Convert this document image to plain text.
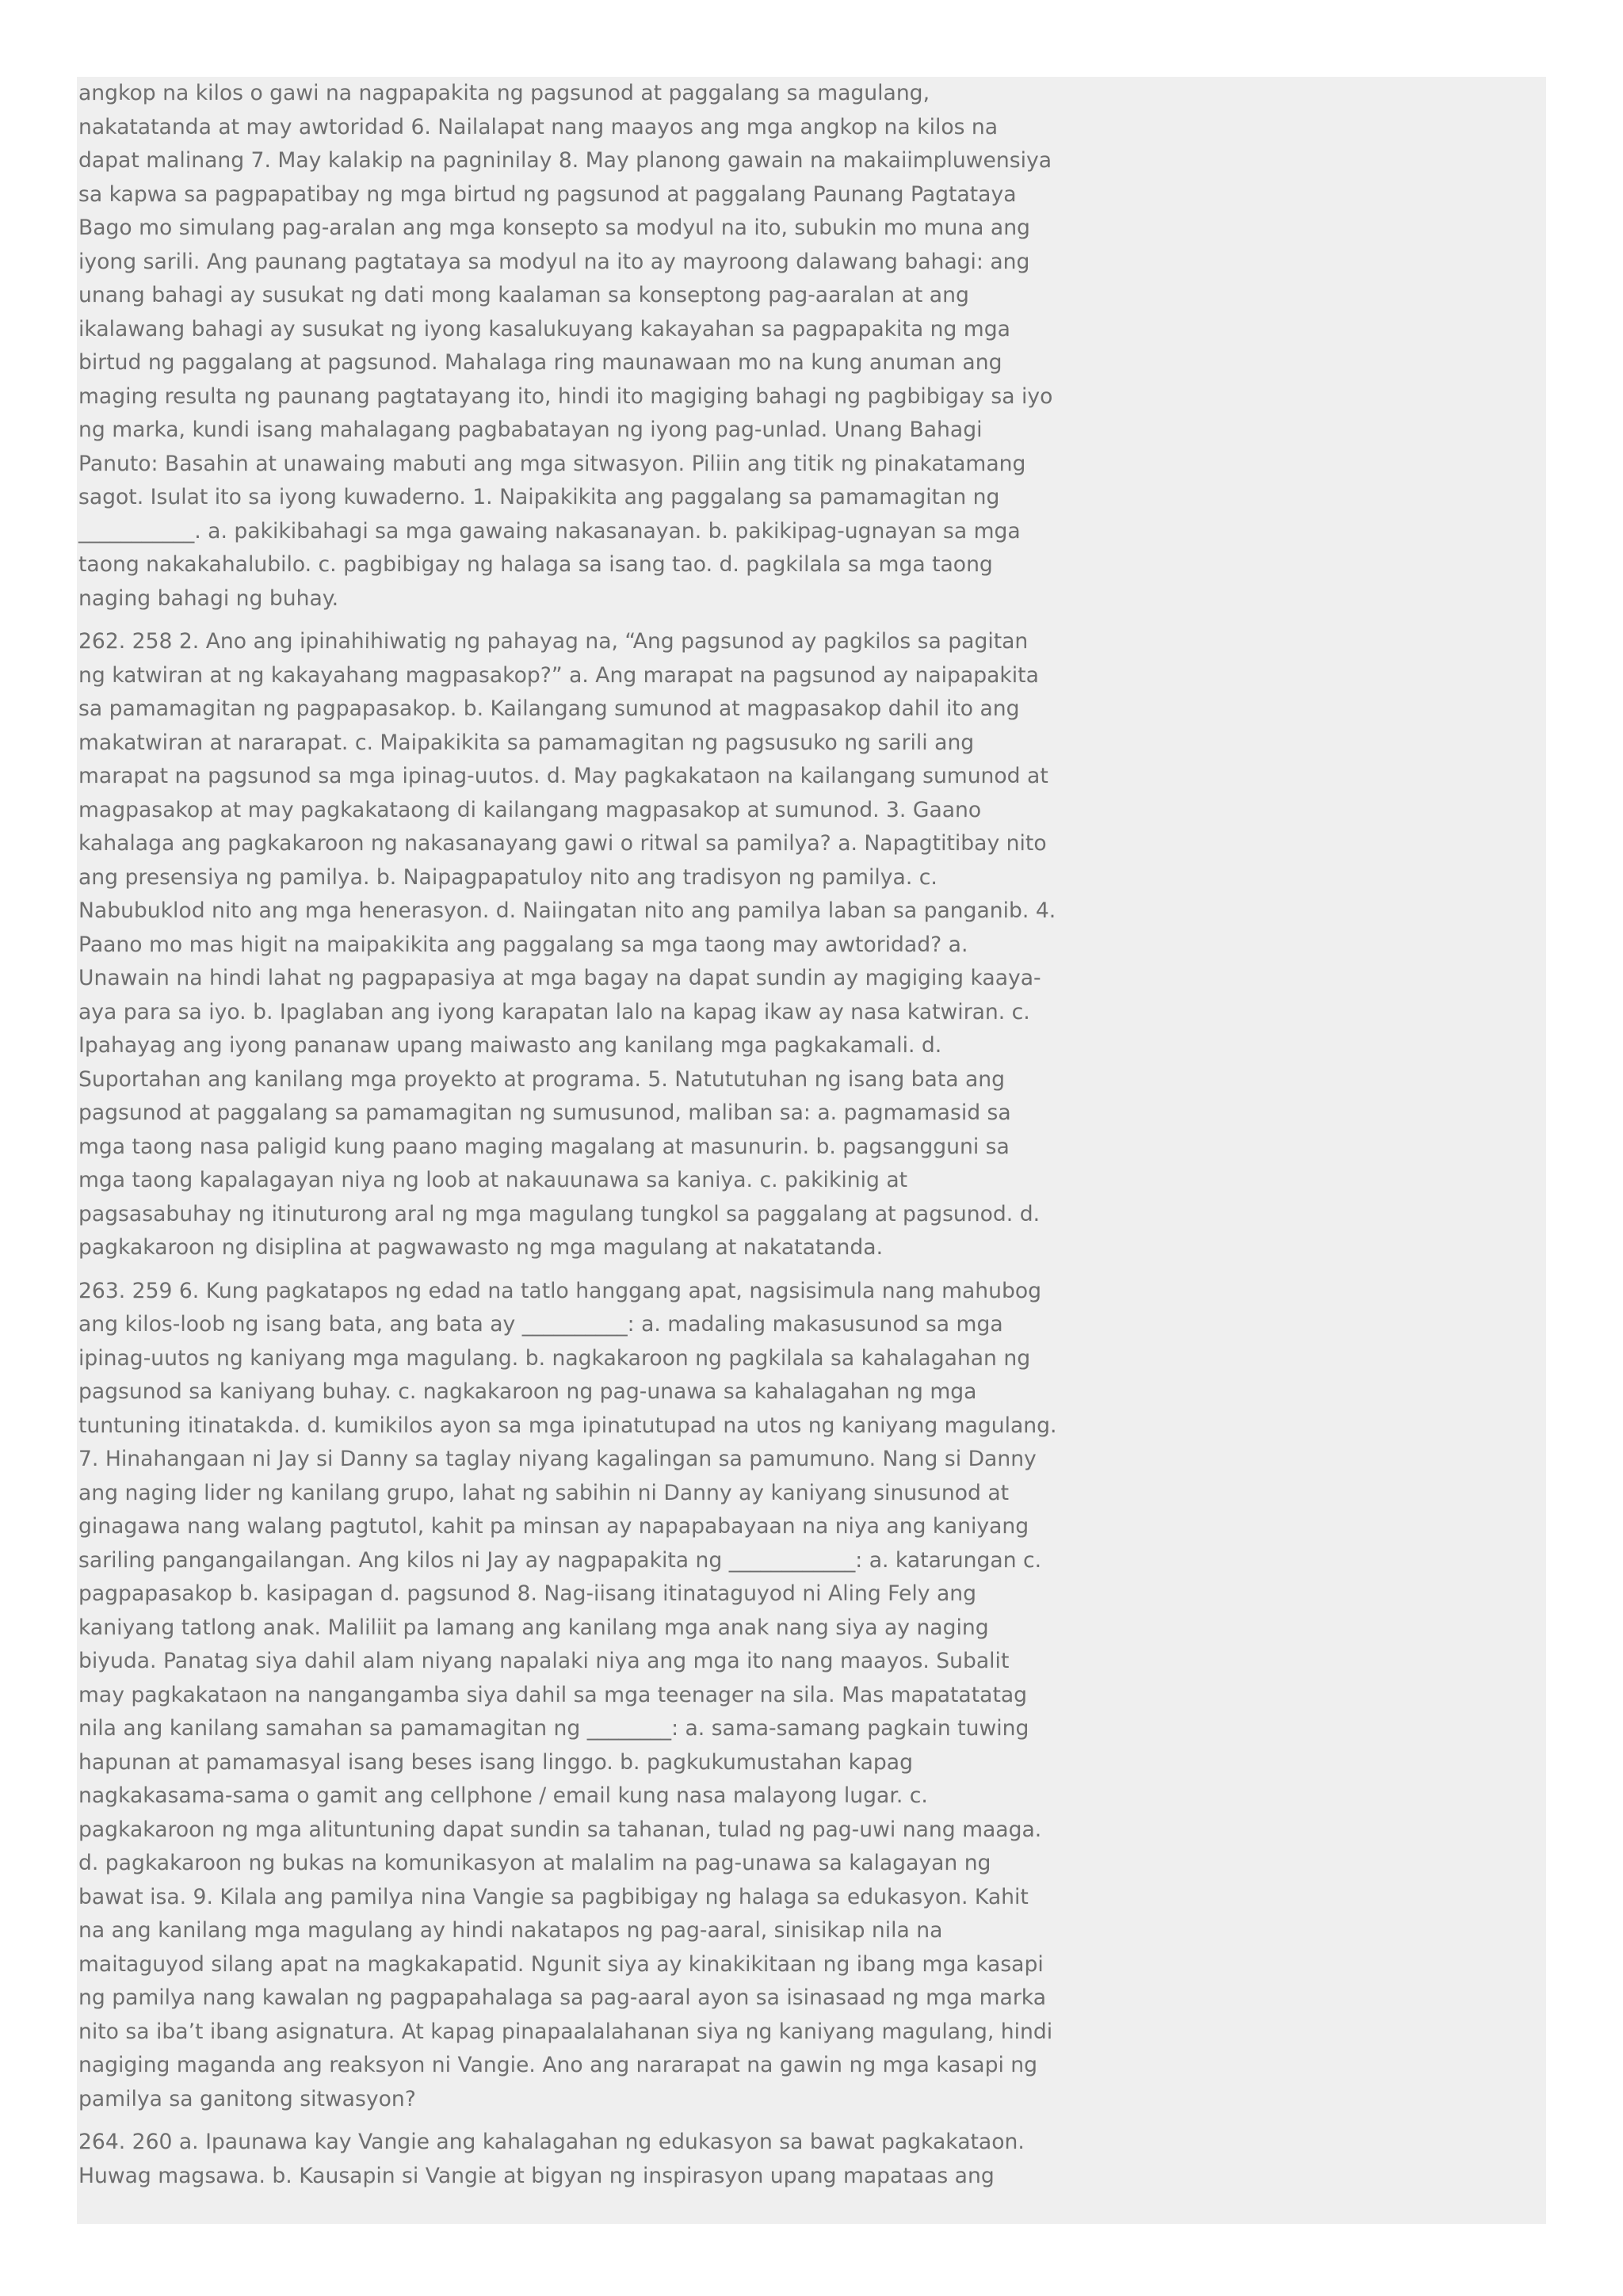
angkop na kilos o gawi na nagpapakita ng pagsunod at paggalang sa magulang, nakatatanda at may awtoridad 6. Nailalapat nang maayos ang mga angkop na kilos na dapat malinang 7. May kalakip na pagninilay 8. May planong gawain na makaiimpluwensiya sa kapwa sa pagpapatibay ng mga birtud ng pagsunod at paggalang Paunang Pagtataya Bago mo simulang pag-aralan ang mga konsepto sa modyul na ito, subukin mo muna ang iyong sarili. Ang paunang pagtataya sa modyul na ito ay mayroong dalawang bahagi: ang unang bahagi ay susukat ng dati mong kaalaman sa konseptong pag-aaralan at ang ikalawang bahagi ay susukat ng iyong kasalukuyang kakayahan sa pagpapakita ng mga birtud ng paggalang at pagsunod. Mahalaga ring maunawaan mo na kung anuman ang maging resulta ng paunang pagtatayang ito, hindi ito magiging bahagi ng pagbibigay sa iyo ng marka, kundi isang mahalagang pagbabatayan ng iyong pag-unlad. Unang Bahagi Panuto: Basahin at unawaing mabuti ang mga sitwasyon. Piliin ang titik ng pinakatamang sagot. Isulat ito sa iyong kuwaderno. 1. Naipakikita ang paggalang sa pamamagitan ng ___________. a. pakikibahagi sa mga gawaing nakasanayan. b. pakikipag-ugnayan sa mga taong nakakahalubilo. c. pagbibigay ng halaga sa isang tao. d. pagkilala sa mga taong naging bahagi ng buhay.

262. 258 2. Ano ang ipinahihiwatig ng pahayag na, “Ang pagsunod ay pagkilos sa pagitan ng katwiran at ng kakayahang magpasakop?” a. Ang marapat na pagsunod ay naipapakita sa pamamagitan ng pagpapasakop. b. Kailangang sumunod at magpasakop dahil ito ang makatwiran at nararapat. c. Maipakikita sa pamamagitan ng pagsusuko ng sarili ang marapat na pagsunod sa mga ipinag-uutos. d. May pagkakataon na kailangang sumunod at magpasakop at may pagkakataong di kailangang magpasakop at sumunod. 3. Gaano kahalaga ang pagkakaroon ng nakasanayang gawi o ritwal sa pamilya? a. Napagtitibay nito ang presensiya ng pamilya. b. Naipagpapatuloy nito ang tradisyon ng pamilya. c. Nabubuklod nito ang mga henerasyon. d. Naiingatan nito ang pamilya laban sa panganib. 4. Paano mo mas higit na maipakikita ang paggalang sa mga taong may awtoridad? a. Unawain na hindi lahat ng pagpapasiya at mga bagay na dapat sundin ay magiging kaaya-aya para sa iyo. b. Ipaglaban ang iyong karapatan lalo na kapag ikaw ay nasa katwiran. c. Ipahayag ang iyong pananaw upang maiwasto ang kanilang mga pagkakamali. d. Suportahan ang kanilang mga proyekto at programa. 5. Natututuhan ng isang bata ang pagsunod at paggalang sa pamamagitan ng sumusunod, maliban sa: a. pagmamasid sa mga taong nasa paligid kung paano maging magalang at masunurin. b. pagsangguni sa mga taong kapalagayan niya ng loob at nakauunawa sa kaniya. c. pakikinig at pagsasabuhay ng itinuturong aral ng mga magulang tungkol sa paggalang at pagsunod. d. pagkakaroon ng disiplina at pagwawasto ng mga magulang at nakatatanda.

263. 259 6. Kung pagkatapos ng edad na tatlo hanggang apat, nagsisimula nang mahubog ang kilos-loob ng isang bata, ang bata ay __________: a. madaling makasusunod sa mga ipinag-uutos ng kaniyang mga magulang. b. nagkakaroon ng pagkilala sa kahalagahan ng pagsunod sa kaniyang buhay. c. nagkakaroon ng pag-unawa sa kahalagahan ng mga tuntuning itinatakda. d. kumikilos ayon sa mga ipinatutupad na utos ng kaniyang magulang. 7. Hinahangaan ni Jay si Danny sa taglay niyang kagalingan sa pamumuno. Nang si Danny ang naging lider ng kanilang grupo, lahat ng sabihin ni Danny ay kaniyang sinusunod at ginagawa nang walang pagtutol, kahit pa minsan ay napapabayaan na niya ang kaniyang sariling pangangailangan. Ang kilos ni Jay ay nagpapakita ng ____________: a. katarungan c. pagpapasakop b. kasipagan d. pagsunod 8. Nag-iisang itinataguyod ni Aling Fely ang kaniyang tatlong anak. Maliliit pa lamang ang kanilang mga anak nang siya ay naging biyuda. Panatag siya dahil alam niyang napalaki niya ang mga ito nang maayos. Subalit may pagkakataon na nangangamba siya dahil sa mga teenager na sila. Mas mapatatatag nila ang kanilang samahan sa pamamagitan ng ________: a. sama-samang pagkain tuwing hapunan at pamamasyal isang beses isang linggo. b. pagkukumustahan kapag nagkakasama-sama o gamit ang cellphone / email kung nasa malayong lugar. c. pagkakaroon ng mga alituntuning dapat sundin sa tahanan, tulad ng pag-uwi nang maaga. d. pagkakaroon ng bukas na komunikasyon at malalim na pag-unawa sa kalagayan ng bawat isa. 9. Kilala ang pamilya nina Vangie sa pagbibigay ng halaga sa edukasyon. Kahit na ang kanilang mga magulang ay hindi nakatapos ng pag-aaral, sinisikap nila na maitaguyod silang apat na magkakapatid. Ngunit siya ay kinakikitaan ng ibang mga kasapi ng pamilya nang kawalan ng pagpapahalaga sa pag-aaral ayon sa isinasaad ng mga marka nito sa iba’t ibang asignatura. At kapag pinapaalalahanan siya ng kaniyang magulang, hindi nagiging maganda ang reaksyon ni Vangie. Ano ang nararapat na gawin ng mga kasapi ng pamilya sa ganitong sitwasyon?

264. 260 a. Ipaunawa kay Vangie ang kahalagahan ng edukasyon sa bawat pagkakataon. Huwag magsawa. b. Kausapin si Vangie at bigyan ng inspirasyon upang mapataas ang
